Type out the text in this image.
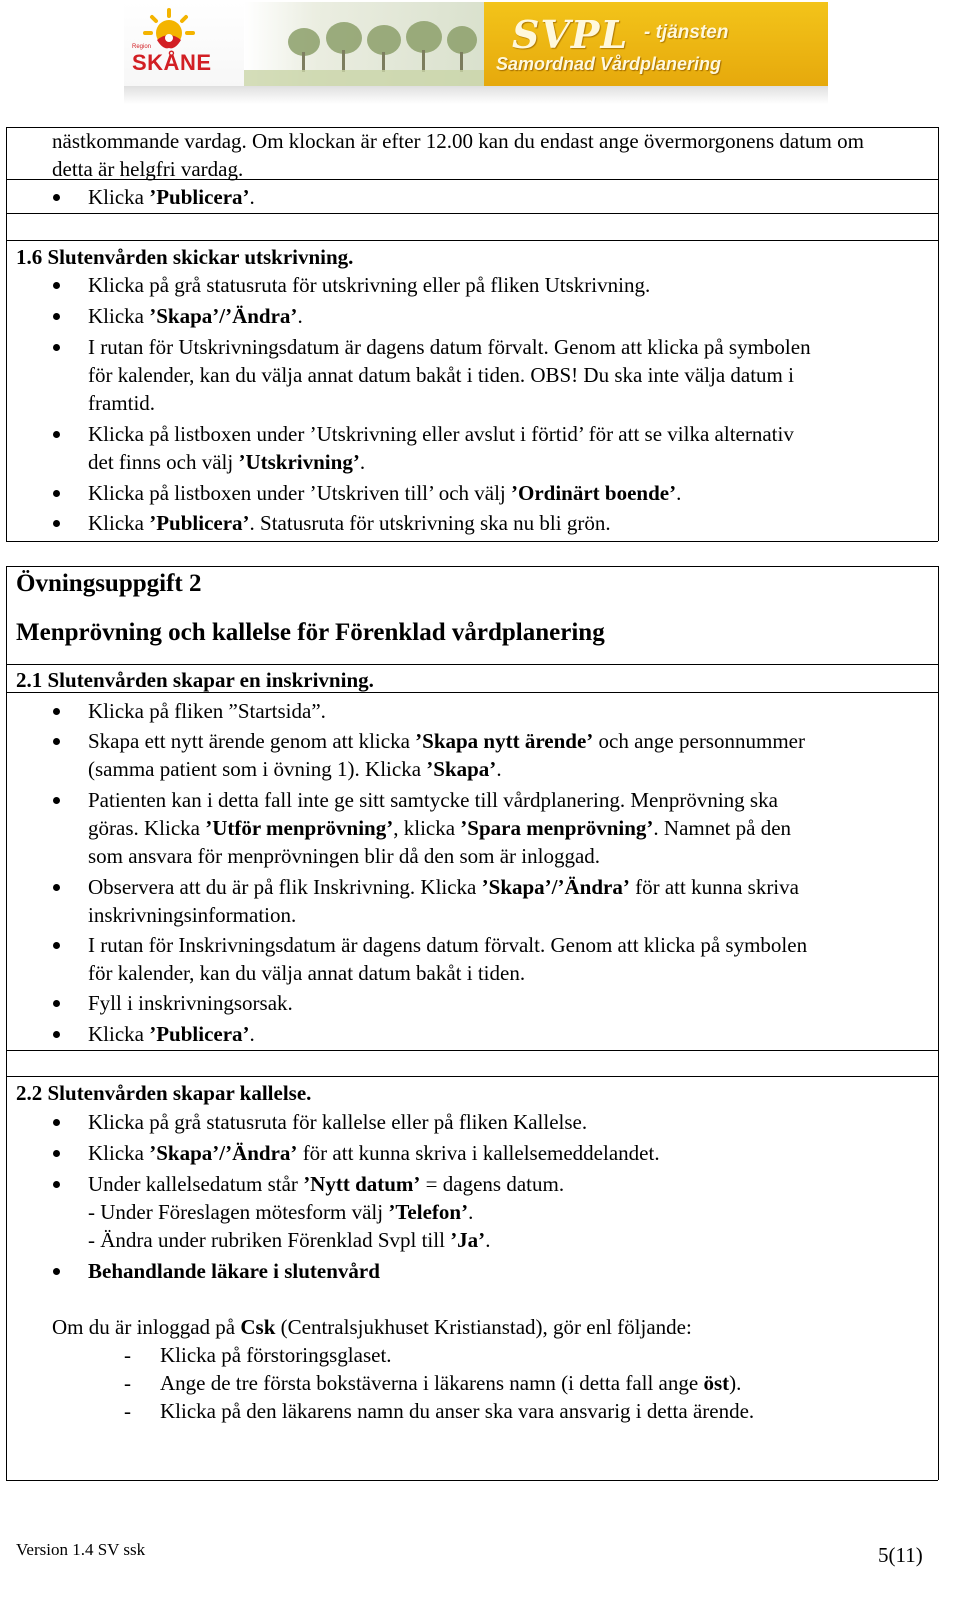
Region
SKÅNE
SVPL - tjänsten
Samordnad Vårdplanering
nästkommande vardag. Om klockan är efter 12.00 kan du endast ange övermorgonens datum om
detta är helgfri vardag.
Klicka ’Publicera’.
1.6 Slutenvården skickar utskrivning.
Klicka på grå statusruta för utskrivning eller på fliken Utskrivning.
Klicka ’Skapa’/’Ändra’.
I rutan för Utskrivningsdatum är dagens datum förvalt. Genom att klicka på symbolen
för kalender, kan du välja annat datum bakåt i tiden. OBS! Du ska inte välja datum i
framtid.
Klicka på listboxen under ’Utskrivning eller avslut i förtid’ för att se vilka alternativ
det finns och välj ’Utskrivning’.
Klicka på listboxen under ’Utskriven till’ och välj ’Ordinärt boende’.
Klicka ’Publicera’. Statusruta för utskrivning ska nu bli grön.
Övningsuppgift 2
Menprövning och kallelse för Förenklad vårdplanering
2.1 Slutenvården skapar en inskrivning.
Klicka på fliken ”Startsida”.
Skapa ett nytt ärende genom att klicka ’Skapa nytt ärende’ och ange personnummer
(samma patient som i övning 1). Klicka ’Skapa’.
Patienten kan i detta fall inte ge sitt samtycke till vårdplanering. Menprövning ska
göras. Klicka ’Utför menprövning’, klicka ’Spara menprövning’. Namnet på den
som ansvara för menprövningen blir då den som är inloggad.
Observera att du är på flik Inskrivning. Klicka ’Skapa’/’Ändra’ för att kunna skriva
inskrivningsinformation.
I rutan för Inskrivningsdatum är dagens datum förvalt. Genom att klicka på symbolen
för kalender, kan du välja annat datum bakåt i tiden.
Fyll i inskrivningsorsak.
Klicka ’Publicera’.
2.2 Slutenvården skapar kallelse.
Klicka på grå statusruta för kallelse eller på fliken Kallelse.
Klicka ’Skapa’/’Ändra’ för att kunna skriva i kallelsemeddelandet.
Under kallelsedatum står ’Nytt datum’ = dagens datum.
- Under Föreslagen mötesform välj ’Telefon’.
- Ändra under rubriken Förenklad Svpl till ’Ja’.
Behandlande läkare i slutenvård
Om du är inloggad på Csk (Centralsjukhuset Kristianstad), gör enl följande:
- Klicka på förstoringsglaset.
- Ange de tre första bokstäverna i läkarens namn (i detta fall ange öst).
- Klicka på den läkarens namn du anser ska vara ansvarig i detta ärende.
Version 1.4 SV ssk	5(11)
